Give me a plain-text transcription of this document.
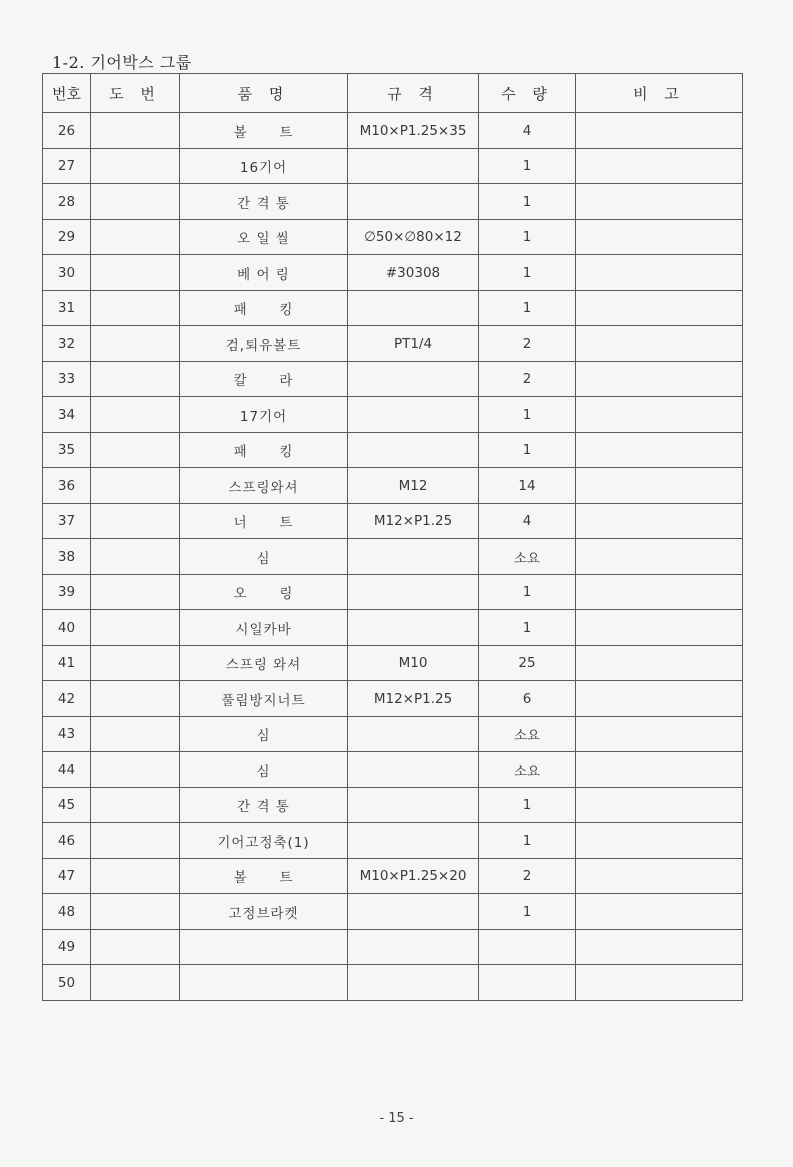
1-2. 기어박스 그룹
번호	도 번	품 명	규 격	수 량	비 고
26		볼      트	M10×P1.25×35	4	
27		16기어		1	
28		간 격 통		1	
29		오 일 씰	∅50×∅80×12	1	
30		베 어 링	#30308	1	
31		패      킹		1	
32		검,퇴유볼트	PT1/4	2	
33		칼      라		2	
34		17기어		1	
35		패      킹		1	
36		스프링와셔	M12	14	
37		너      트	M12×P1.25	4	
38		심		소요	
39		오      링		1	
40		시일카바		1	
41		스프링 와셔	M10	25	
42		풀림방지너트	M12×P1.25	6	
43		심		소요	
44		심		소요	
45		간 격 통		1	
46		기어고정축(1)		1	
47		볼      트	M10×P1.25×20	2	
48		고정브라켓		1	
49					
50					
- 15 -
